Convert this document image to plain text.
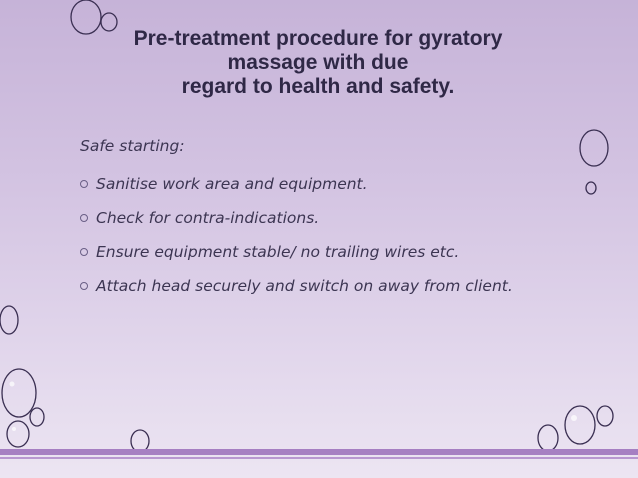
Pre-treatment procedure for gyratory
massage with due
regard to health and safety.
Safe starting:
Sanitise work area and equipment.
Check for contra-indications.
Ensure equipment stable/ no trailing wires etc.
Attach head securely and switch on away from client.
